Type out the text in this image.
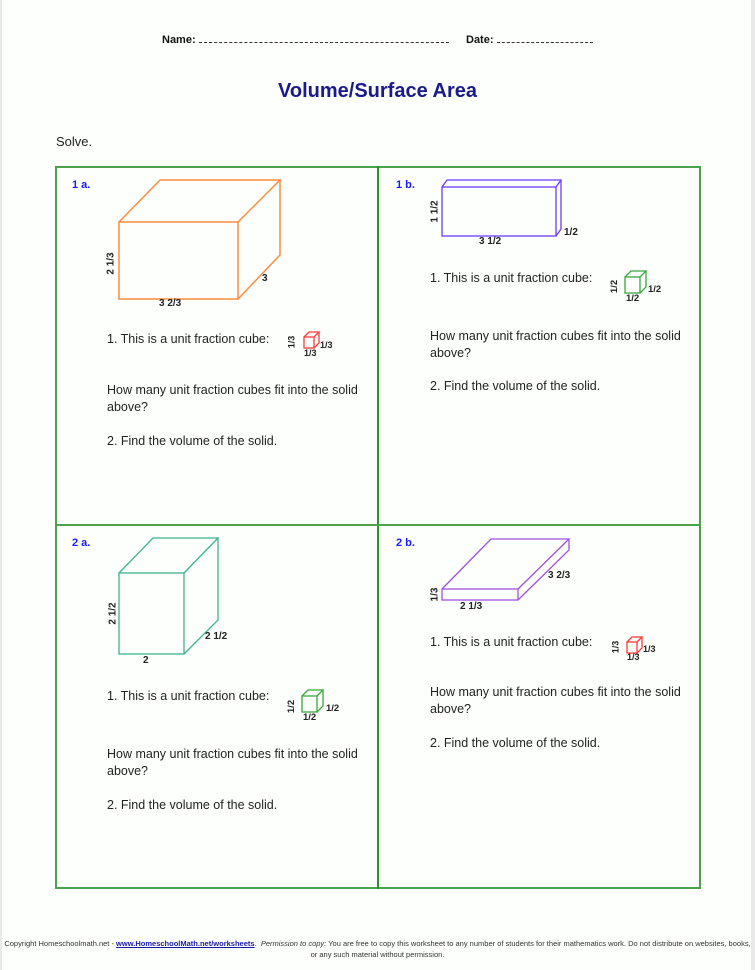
Name:	Date:
Volume/Surface Area
Solve.
1 a.
2 1/3
3 2/3
3
1. This is a unit fraction cube: 1/3
1/3
1/3
How many unit fraction cubes fit into the solid above?
2. Find the volume of the solid.
1 b.
1 1/2
3 1/2
1/2
1. This is a unit fraction cube:
1/2
1/2
1/2
How many unit fraction cubes fit into the solid above?
2. Find the volume of the solid.
2 a.
2 1/2
2
2 1/2
1. This is a unit fraction cube:
1/2
1/2
1/2
How many unit fraction cubes fit into the solid above?
2. Find the volume of the solid.
2 b.
1/3
2 1/3
3 2/3
1. This is a unit fraction cube: 1/3
1/3
1/3
How many unit fraction cubes fit into the solid above?
2. Find the volume of the solid.
Copyright Homeschoolmath.net - www.HomeschoolMath.net/worksheets.  Permission to copy: You are free to copy this worksheet to any number of students for their mathematics work. Do not distribute on websites, books, or any such material without permission.
